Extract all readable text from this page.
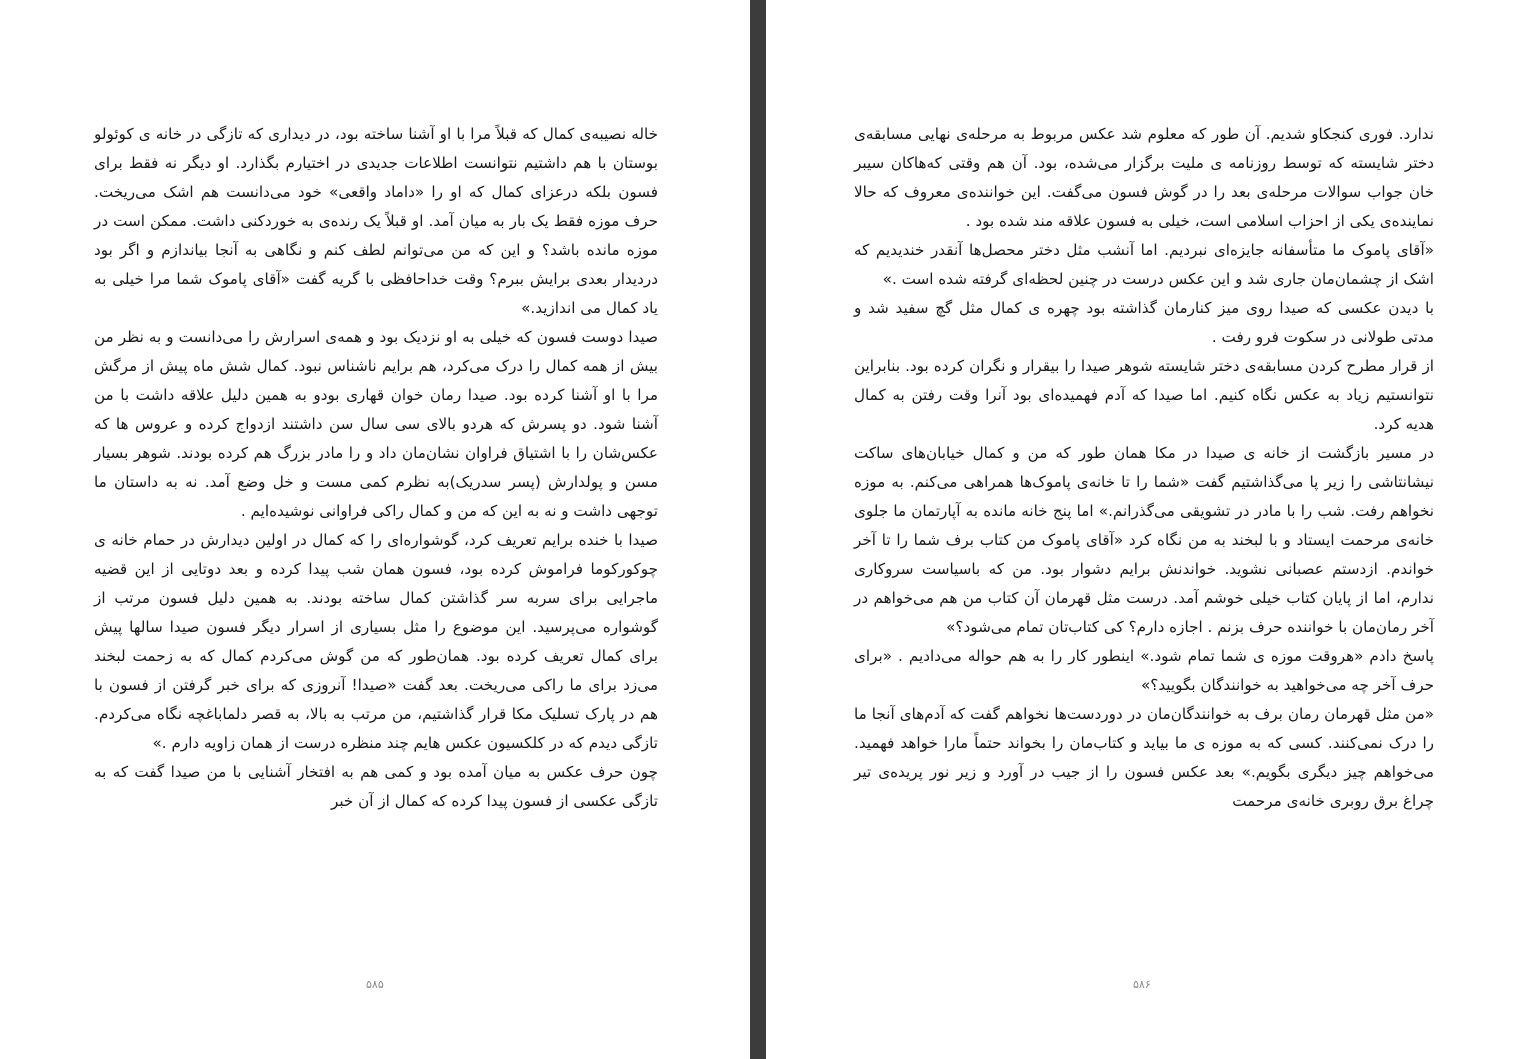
خاله نصیبه‌ی کمال که قبلاً مرا با او آشنا ساخته بود، در دیداری که تازگی در خانه ی کوئولو بوستان با هم داشتیم نتوانست اطلاعات جدیدی در اختیارم بگذارد. او دیگر نه فقط برای فسون بلکه درعزای کمال که او را «داماد واقعی» خود می‌دانست هم اشک می‌ریخت. حرف موزه فقط یک بار به میان آمد. او قبلاً یک رنده‌ی به خوردکنی داشت. ممکن است در موزه مانده باشد؟ و این که من می‌توانم لطف کنم و نگاهی به آنجا بیاندازم و اگر بود دردیدار بعدی برایش ببرم؟ وقت خداحافظی با گریه گفت «آقای پاموک شما مرا خیلی به یاد کمال می اندازید.»

صیدا دوست فسون که خیلی به او نزدیک بود و همه‌ی اسرارش را می‌دانست و به نظر من بیش از همه کمال را درک می‌کرد، هم برایم ناشناس نبود. کمال شش ماه پیش از مرگش مرا با او آشنا کرده بود. صیدا رمان خوان قهاری بودو به همین دلیل علاقه داشت با من آشنا شود. دو پسرش که هردو بالای سی سال سن داشتند ازدواج کرده و عروس ها که عکس‌شان را با اشتیاق فراوان نشان‌مان داد و را مادر بزرگ هم کرده بودند. شوهر بسیار مسن و پولدارش (پسر سدریک)به نظرم کمی مست و خل وضع آمد. نه به داستان ما توجهی داشت و نه به این که من و کمال راکی فراوانی نوشیده‌ایم .

صیدا با خنده برایم تعریف کرد، گوشواره‌ای را که کمال در اولین دیدارش در حمام خانه ی چوکورکوما فراموش کرده بود، فسون همان شب پیدا کرده و بعد دوتایی از این قضیه ماجرایی برای سربه سر گذاشتن کمال ساخته بودند. به همین دلیل فسون مرتب از گوشواره می‌پرسید. این موضوع را مثل بسیاری از اسرار دیگر فسون صیدا سالها پیش برای کمال تعریف کرده بود. همان‌طور که من گوش می‌کردم کمال که به زحمت لبخند می‌زد برای ما راکی می‌ریخت. بعد گفت «صیدا! آنروزی که برای خبر گرفتن از فسون با هم در پارک تسلیک مکا قرار گذاشتیم، من مرتب به بالا، به قصر دلماباغچه نگاه می‌کردم. تازگی دیدم که در کلکسیون عکس هایم چند منظره درست از همان زاویه دارم .»

چون حرف عکس به میان آمده بود و کمی هم به افتخار آشنایی با من صیدا گفت که به تازگی عکسی از فسون پیدا کرده که کمال از آن خبر

۵۸۵

ندارد. فوری کنجکاو شدیم. آن طور که معلوم شد عکس مربوط به مرحله‌ی نهایی مسابقه‌ی دختر شایسته که توسط روزنامه ی ملیت برگزار می‌شده، بود. آن هم وقتی که‌هاکان سیبر خان جواب سوالات مرحله‌ی بعد را در گوش فسون می‌گفت. این خواننده‌ی معروف که حالا نماینده‌ی یکی از احزاب اسلامی است، خیلی به فسون علاقه مند شده بود .

«آقای پاموک ما متأسفانه جایزه‌ای نبردیم. اما آنشب مثل دختر محصل‌ها آنقدر خندیدیم که اشک از چشمان‌مان جاری شد و این عکس درست در چنین لحظه‌ای گرفته شده است .»

با دیدن عکسی که صیدا روی میز کنارمان گذاشته بود چهره ی کمال مثل گچ سفید شد و مدتی طولانی در سکوت فرو رفت .

از قرار مطرح کردن مسابقه‌ی دختر شایسته شوهر صیدا را بیقرار و نگران کرده بود. بنابراین نتوانستیم زیاد به عکس نگاه کنیم. اما صیدا که آدم فهمیده‌ای بود آنرا وقت رفتن به کمال هدیه کرد.

در مسیر بازگشت از خانه ی صیدا در مکا همان طور که من و کمال خیابان‌های ساکت نیشانتاشی را زیر پا می‌گذاشتیم گفت «شما را تا خانه‌ی پاموک‌ها همراهی می‌کنم. به موزه نخواهم رفت. شب را با مادر در تشویقی می‌گذرانم.» اما پنج خانه مانده به آپارتمان ما جلوی خانه‌ی مرحمت ایستاد و با لبخند به من نگاه کرد «آقای پاموک من کتاب برف شما را تا آخر خواندم. ازدستم عصبانی نشوید. خواندنش برایم دشوار بود. من که باسیاست سروکاری ندارم، اما از پایان کتاب خیلی خوشم آمد. درست مثل قهرمان آن کتاب من هم می‌خواهم در آخر رمان‌مان با خواننده حرف بزنم . اجازه دارم؟ کی کتاب‌تان تمام می‌شود؟»

پاسخ دادم «هروقت موزه ی شما تمام شود.» اینطور کار را به هم حواله می‌دادیم . «برای حرف آخر چه می‌خواهید به خوانندگان بگویید؟»

«من مثل قهرمان رمان برف به خوانندگان‌مان در دوردست‌ها نخواهم گفت که آدم‌های آنجا ما را درک نمی‌کنند. کسی که به موزه ی ما بیاید و کتاب‌مان را بخواند حتماً مارا خواهد فهمید. می‌خواهم چیز دیگری بگویم.» بعد عکس فسون را از جیب در آورد و زیر نور پریده‌ی تیر چراغ برق روبری خانه‌ی مرحمت

۵۸۶
